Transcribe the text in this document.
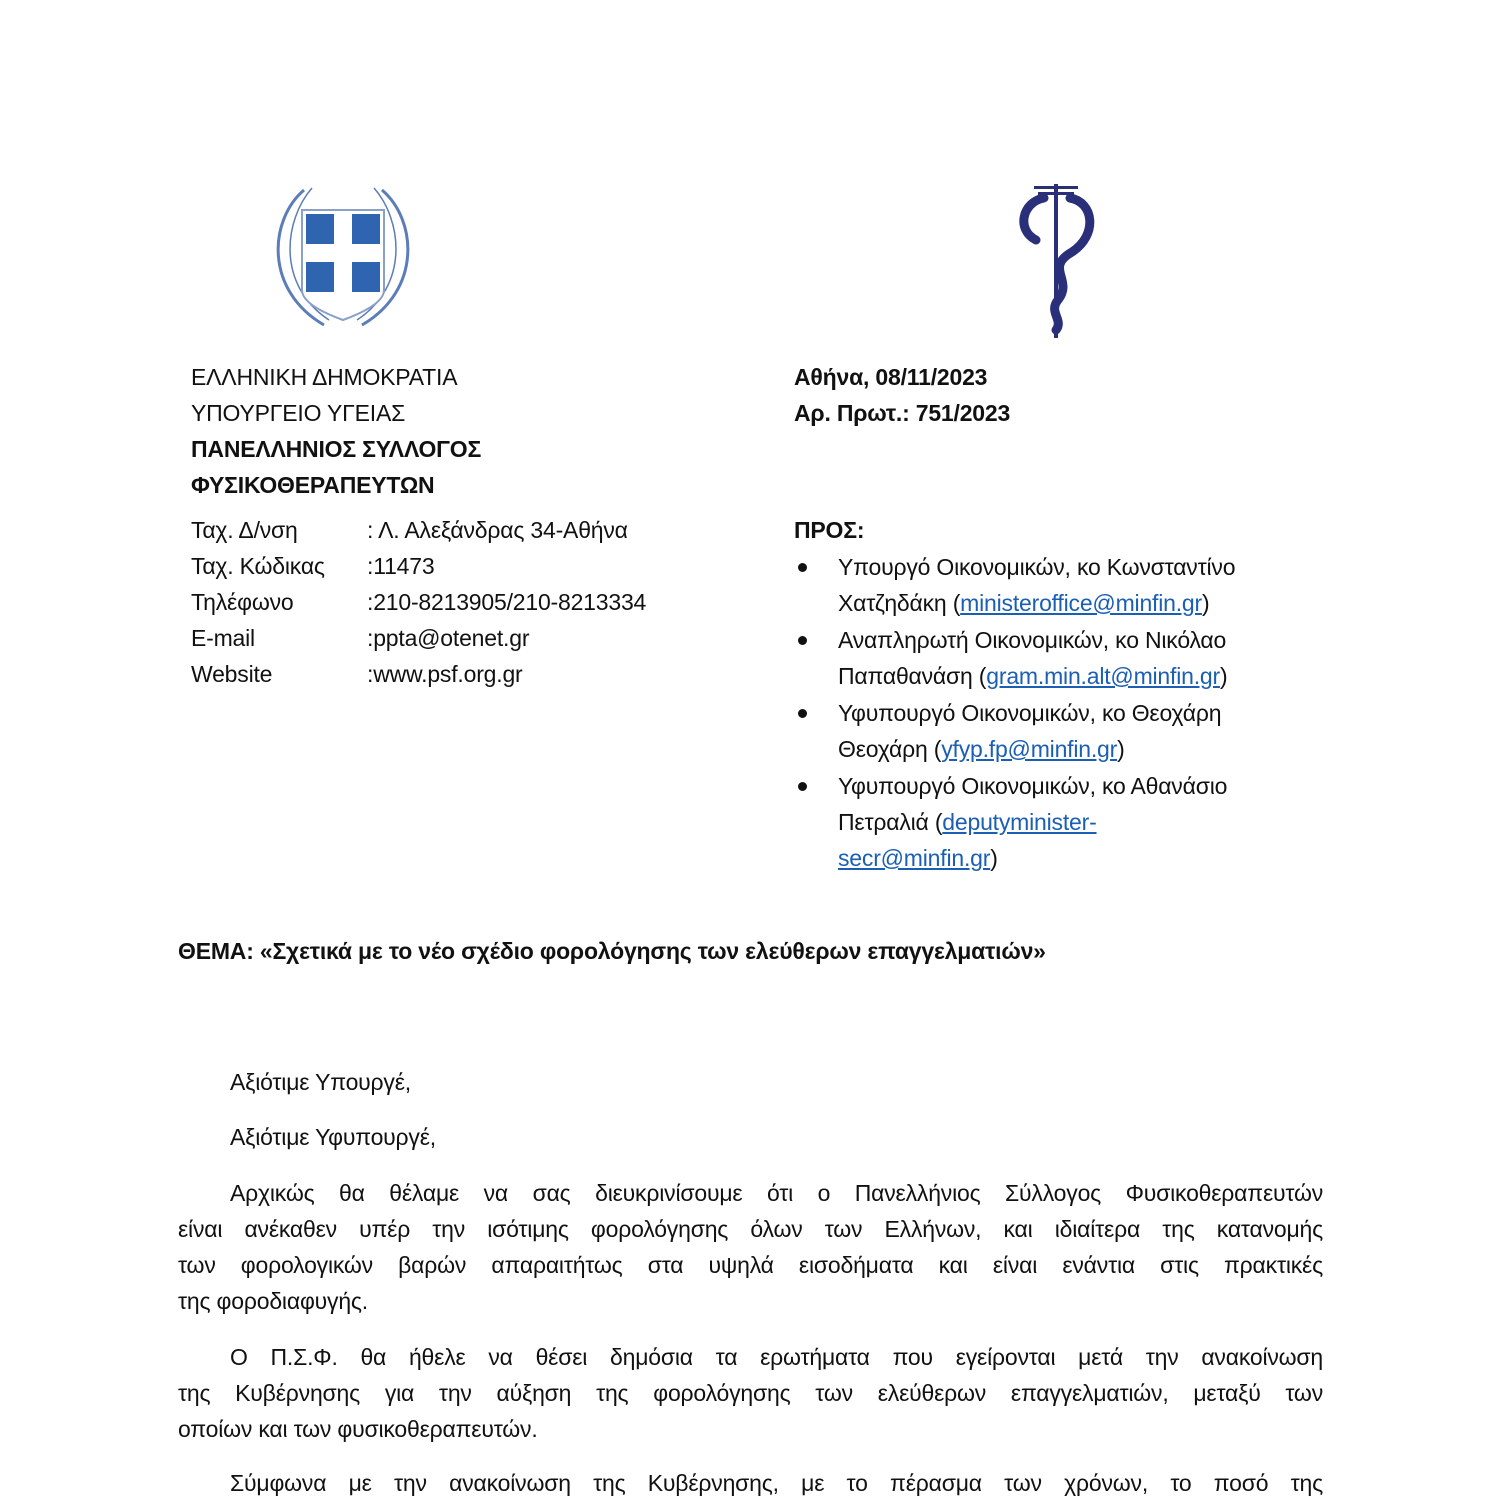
ΕΛΛΗΝΙΚΗ ΔΗΜΟΚΡΑΤΙΑ
ΥΠΟΥΡΓΕΙΟ ΥΓΕΙΑΣ
ΠΑΝΕΛΛΗΝΙΟΣ ΣΥΛΛΟΓΟΣ
ΦΥΣΙΚΟΘΕΡΑΠΕΥΤΩΝ
Ταχ. Δ/νση	: Λ. Αλεξάνδρας 34-Αθήνα
Ταχ. Κώδικας	:11473
Τηλέφωνο	:210-8213905/210-8213334
E-mail	:ppta@otenet.gr
Website	:www.psf.org.gr
Αθήνα, 08/11/2023
Αρ. Πρωτ.: 751/2023
ΠΡΟΣ:
Υπουργό Οικονομικών, κο Κωνσταντίνο
Χατζηδάκη (ministeroffice@minfin.gr)
Αναπληρωτή Οικονομικών, κο Νικόλαο
Παπαθανάση (gram.min.alt@minfin.gr)
Υφυπουργό Οικονομικών, κο Θεοχάρη
Θεοχάρη (yfyp.fp@minfin.gr)
Υφυπουργό Οικονομικών, κο Αθανάσιο
Πετραλιά (deputyminister-
secr@minfin.gr)
ΘΕΜΑ: «Σχετικά με το νέο σχέδιο φορολόγησης των ελεύθερων επαγγελματιών»
Αξιότιμε Υπουργέ,
Αξιότιμε Υφυπουργέ,
Αρχικώς θα θέλαμε να σας διευκρινίσουμε ότι ο Πανελλήνιος Σύλλογος Φυσικοθεραπευτών
είναι ανέκαθεν υπέρ την ισότιμης φορολόγησης όλων των Ελλήνων, και ιδιαίτερα της κατανομής
των φορολογικών βαρών απαραιτήτως στα υψηλά εισοδήματα και είναι ενάντια στις πρακτικές
της φοροδιαφυγής.
Ο Π.Σ.Φ. θα ήθελε να θέσει δημόσια τα ερωτήματα που εγείρονται μετά την ανακοίνωση
της Κυβέρνησης για την αύξηση της φορολόγησης των ελεύθερων επαγγελματιών, μεταξύ των
οποίων και των φυσικοθεραπευτών.
Σύμφωνα με την ανακοίνωση της Κυβέρνησης, με το πέρασμα των χρόνων, το ποσό της
